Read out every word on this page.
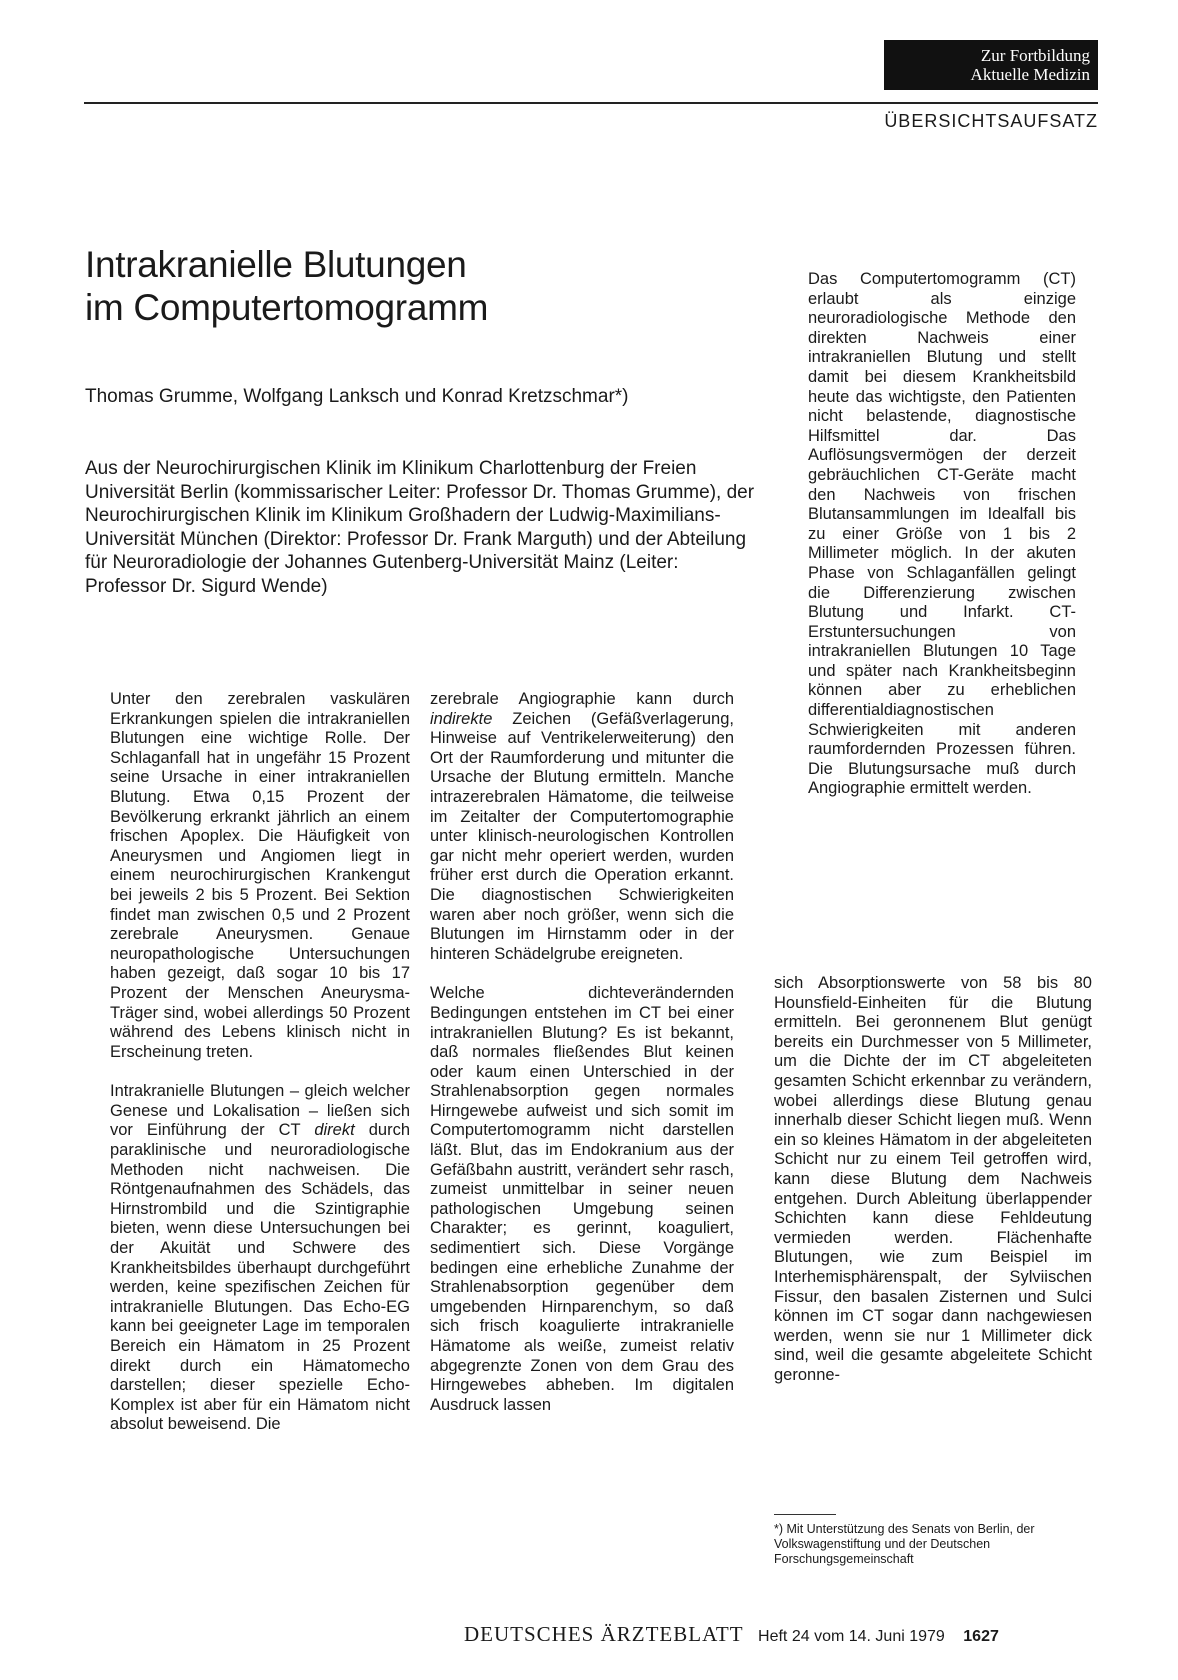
Zur Fortbildung
Aktuelle Medizin
ÜBERSICHTSAUFSATZ
Intrakranielle Blutungen
im Computertomogramm
Thomas Grumme, Wolfgang Lanksch und Konrad Kretzschmar*)
Aus der Neurochirurgischen Klinik im Klinikum Charlottenburg der Freien Universität Berlin (kommissarischer Leiter: Professor Dr. Thomas Grumme), der Neurochirurgischen Klinik im Klinikum Großhadern der Ludwig-Maximilians-Universität München (Direktor: Professor Dr. Frank Marguth) und der Abteilung für Neuroradiologie der Johannes Gutenberg-Universität Mainz (Leiter: Professor Dr. Sigurd Wende)
Das Computertomogramm (CT) erlaubt als einzige neuroradiologische Methode den direkten Nachweis einer intrakraniellen Blutung und stellt damit bei diesem Krankheitsbild heute das wichtigste, den Patienten nicht belastende, diagnostische Hilfsmittel dar. Das Auflösungsvermögen der derzeit gebräuchlichen CT-Geräte macht den Nachweis von frischen Blutansammlungen im Idealfall bis zu einer Größe von 1 bis 2 Millimeter möglich. In der akuten Phase von Schlaganfällen gelingt die Differenzierung zwischen Blutung und Infarkt. CT-Erstuntersuchungen von intrakraniellen Blutungen 10 Tage und später nach Krankheitsbeginn können aber zu erheblichen differentialdiagnostischen Schwierigkeiten mit anderen raumfordernden Prozessen führen. Die Blutungsursache muß durch Angiographie ermittelt werden.

Unter den zerebralen vaskulären Erkrankungen spielen die intrakraniellen Blutungen eine wichtige Rolle. Der Schlaganfall hat in ungefähr 15 Prozent seine Ursache in einer intrakraniellen Blutung. Etwa 0,15 Prozent der Bevölkerung erkrankt jährlich an einem frischen Apoplex. Die Häufigkeit von Aneurysmen und Angiomen liegt in einem neurochirurgischen Krankengut bei jeweils 2 bis 5 Prozent. Bei Sektion findet man zwischen 0,5 und 2 Prozent zerebrale Aneurysmen. Genaue neuropathologische Untersuchungen haben gezeigt, daß sogar 10 bis 17 Prozent der Menschen Aneurysma-Träger sind, wobei allerdings 50 Prozent während des Lebens klinisch nicht in Erscheinung treten.

Intrakranielle Blutungen – gleich welcher Genese und Lokalisation – ließen sich vor Einführung der CT direkt durch paraklinische und neuroradiologische Methoden nicht nachweisen. Die Röntgenaufnahmen des Schädels, das Hirnstrombild und die Szintigraphie bieten, wenn diese Untersuchungen bei der Akuität und Schwere des Krankheitsbildes überhaupt durchgeführt werden, keine spezifischen Zeichen für intrakranielle Blutungen. Das Echo-EG kann bei geeigneter Lage im temporalen Bereich ein Hämatom in 25 Prozent direkt durch ein Hämatomecho darstellen; dieser spezielle Echo-Komplex ist aber für ein Hämatom nicht absolut beweisend. Die

zerebrale Angiographie kann durch indirekte Zeichen (Gefäßverlagerung, Hinweise auf Ventrikelerweiterung) den Ort der Raumforderung und mitunter die Ursache der Blutung ermitteln. Manche intrazerebralen Hämatome, die teilweise im Zeitalter der Computertomographie unter klinisch-neurologischen Kontrollen gar nicht mehr operiert werden, wurden früher erst durch die Operation erkannt. Die diagnostischen Schwierigkeiten waren aber noch größer, wenn sich die Blutungen im Hirnstamm oder in der hinteren Schädelgrube ereigneten.

Welche dichteverändernden Bedingungen entstehen im CT bei einer intrakraniellen Blutung? Es ist bekannt, daß normales fließendes Blut keinen oder kaum einen Unterschied in der Strahlenabsorption gegen normales Hirngewebe aufweist und sich somit im Computertomogramm nicht darstellen läßt. Blut, das im Endokranium aus der Gefäßbahn austritt, verändert sehr rasch, zumeist unmittelbar in seiner neuen pathologischen Umgebung seinen Charakter; es gerinnt, koaguliert, sedimentiert sich. Diese Vorgänge bedingen eine erhebliche Zunahme der Strahlenabsorption gegenüber dem umgebenden Hirnparenchym, so daß sich frisch koagulierte intrakranielle Hämatome als weiße, zumeist relativ abgegrenzte Zonen von dem Grau des Hirngewebes abheben. Im digitalen Ausdruck lassen

sich Absorptionswerte von 58 bis 80 Hounsfield-Einheiten für die Blutung ermitteln. Bei geronnenem Blut genügt bereits ein Durchmesser von 5 Millimeter, um die Dichte der im CT abgeleiteten gesamten Schicht erkennbar zu verändern, wobei allerdings diese Blutung genau innerhalb dieser Schicht liegen muß. Wenn ein so kleines Hämatom in der abgeleiteten Schicht nur zu einem Teil getroffen wird, kann diese Blutung dem Nachweis entgehen. Durch Ableitung überlappender Schichten kann diese Fehldeutung vermieden werden. Flächenhafte Blutungen, wie zum Beispiel im Interhemisphärenspalt, der Sylviischen Fissur, den basalen Zisternen und Sulci können im CT sogar dann nachgewiesen werden, wenn sie nur 1 Millimeter dick sind, weil die gesamte abgeleitete Schicht geronne-
*) Mit Unterstützung des Senats von Berlin, der Volkswagenstiftung und der Deutschen Forschungsgemeinschaft
DEUTSCHES ÄRZTEBLATT Heft 24 vom 14. Juni 1979 1627
